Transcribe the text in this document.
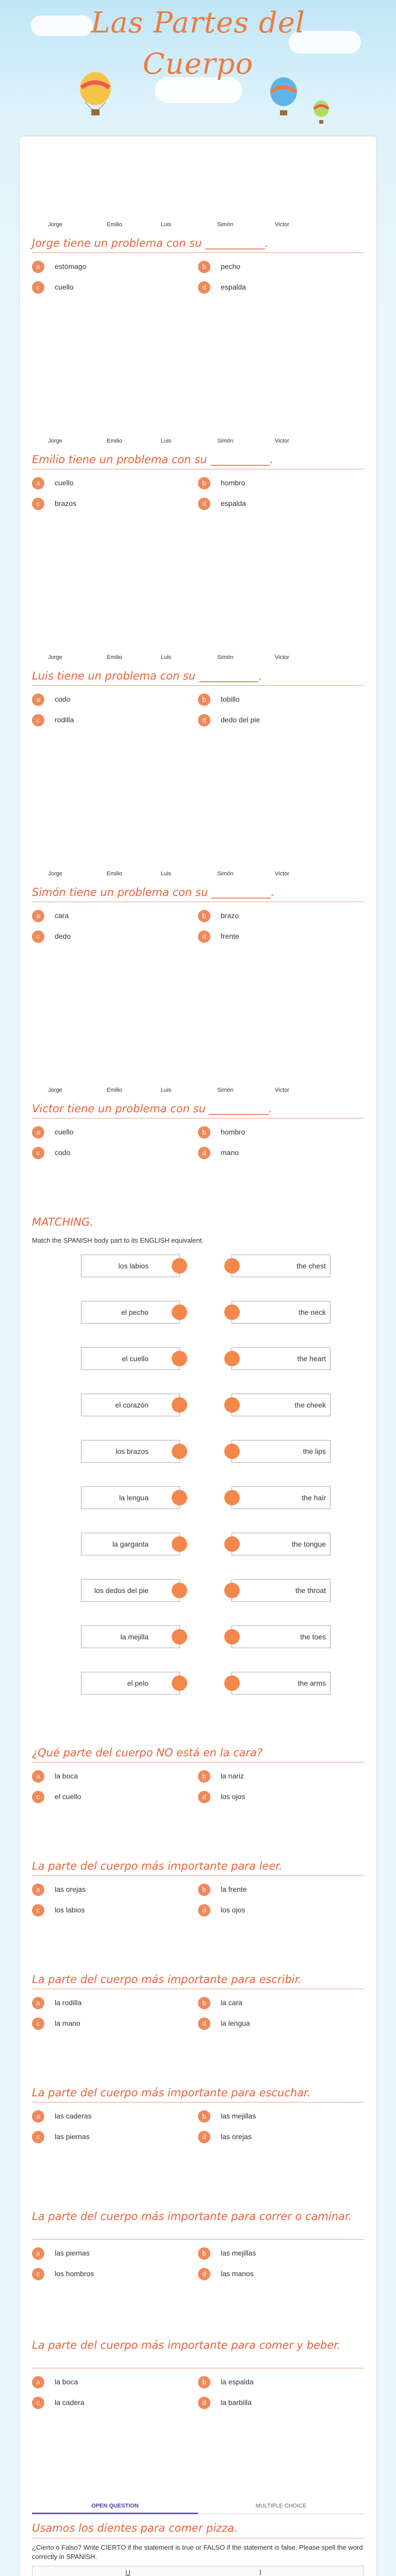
Las Partes del
Cuerpo
Jorge	Emilio	Luis	Simón	Victor
Jorge tiene un problema con su ___________.
a	estómago	b	pecho
c	cuello	d	espalda
Jorge	Emilio	Luis	Simón	Victor
Emilio tiene un problema con su ___________.
a	cuello	b	hombro
c	brazos	d	espalda
Jorge	Emilio	Luis	Simón	Victor
Luis tiene un problema con su ___________.
a	codo	b	tobillo
c	rodilla	d	dedo del pie
Jorge	Emilio	Luis	Simón	Victor
Simón tiene un problema con su ___________.
a	cara	b	brazo
c	dedo	d	frente
Jorge	Emilio	Luis	Simón	Victor
Victor tiene un problema con su ___________.
a	cuello	b	hombro
c	codo	d	mano
MATCHING.
Match the SPANISH body part to its ENGLISH equivalent.
los labios	the chest
el pecho	the neck
el cuello	the heart
el corazón	the cheek
los brazos	the lips
la lengua	the hair
la garganta	the tongue
los dedos del pie	the throat
la mejilla	the toes
el pelo	the arms
¿Qué parte del cuerpo NO está en la cara?
a	la boca	b	la nariz
c	el cuello	d	los ojos
La parte del cuerpo más importante para leer.
a	las orejas	b	la frente
c	los labios	d	los ojos
La parte del cuerpo más importante para escribir.
a	la rodilla	b	la cara
c	la mano	d	la lengua
La parte del cuerpo más importante para escuchar.
a	las caderas	b	las mejillas
c	las piernas	d	las orejas
La parte del cuerpo más importante para correr o caminar.
a	las piernas	b	las mejillas
c	los hombros	d	las manos
La parte del cuerpo más importante para comer y beber.
a	la boca	b	la espalda
c	la cadera	d	la barbilla
OPEN QUESTION	MULTIPLE CHOICE
Usamos los dientes para comer pizza.
¿Cierto o Falso? Write CIERTO if the statement is true or FALSO if the statement is false. Please spell the word correctly in SPANISH.
U	Ⅰ
